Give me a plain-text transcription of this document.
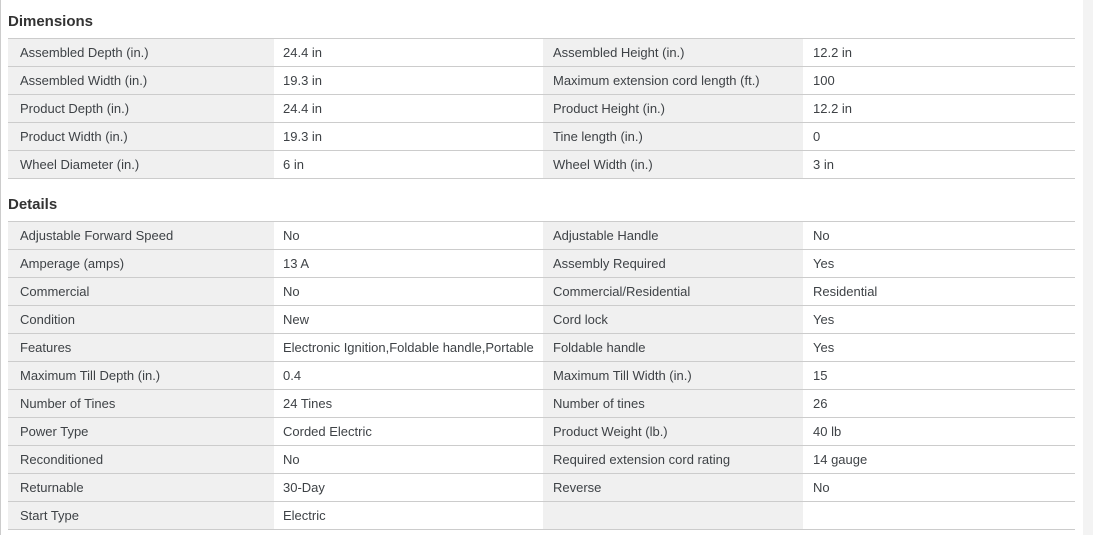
Dimensions
Assembled Depth (in.)	24.4 in	Assembled Height (in.)	12.2 in
Assembled Width (in.)	19.3 in	Maximum extension cord length (ft.)	100
Product Depth (in.)	24.4 in	Product Height (in.)	12.2 in
Product Width (in.)	19.3 in	Tine length (in.)	0
Wheel Diameter (in.)	6 in	Wheel Width (in.)	3 in
Details
Adjustable Forward Speed	No	Adjustable Handle	No
Amperage (amps)	13 A	Assembly Required	Yes
Commercial	No	Commercial/Residential	Residential
Condition	New	Cord lock	Yes
Features	Electronic Ignition,Foldable handle,Portable	Foldable handle	Yes
Maximum Till Depth (in.)	0.4	Maximum Till Width (in.)	15
Number of Tines	24 Tines	Number of tines	26
Power Type	Corded Electric	Product Weight (lb.)	40 lb
Reconditioned	No	Required extension cord rating	14 gauge
Returnable	30-Day	Reverse	No
Start Type	Electric
